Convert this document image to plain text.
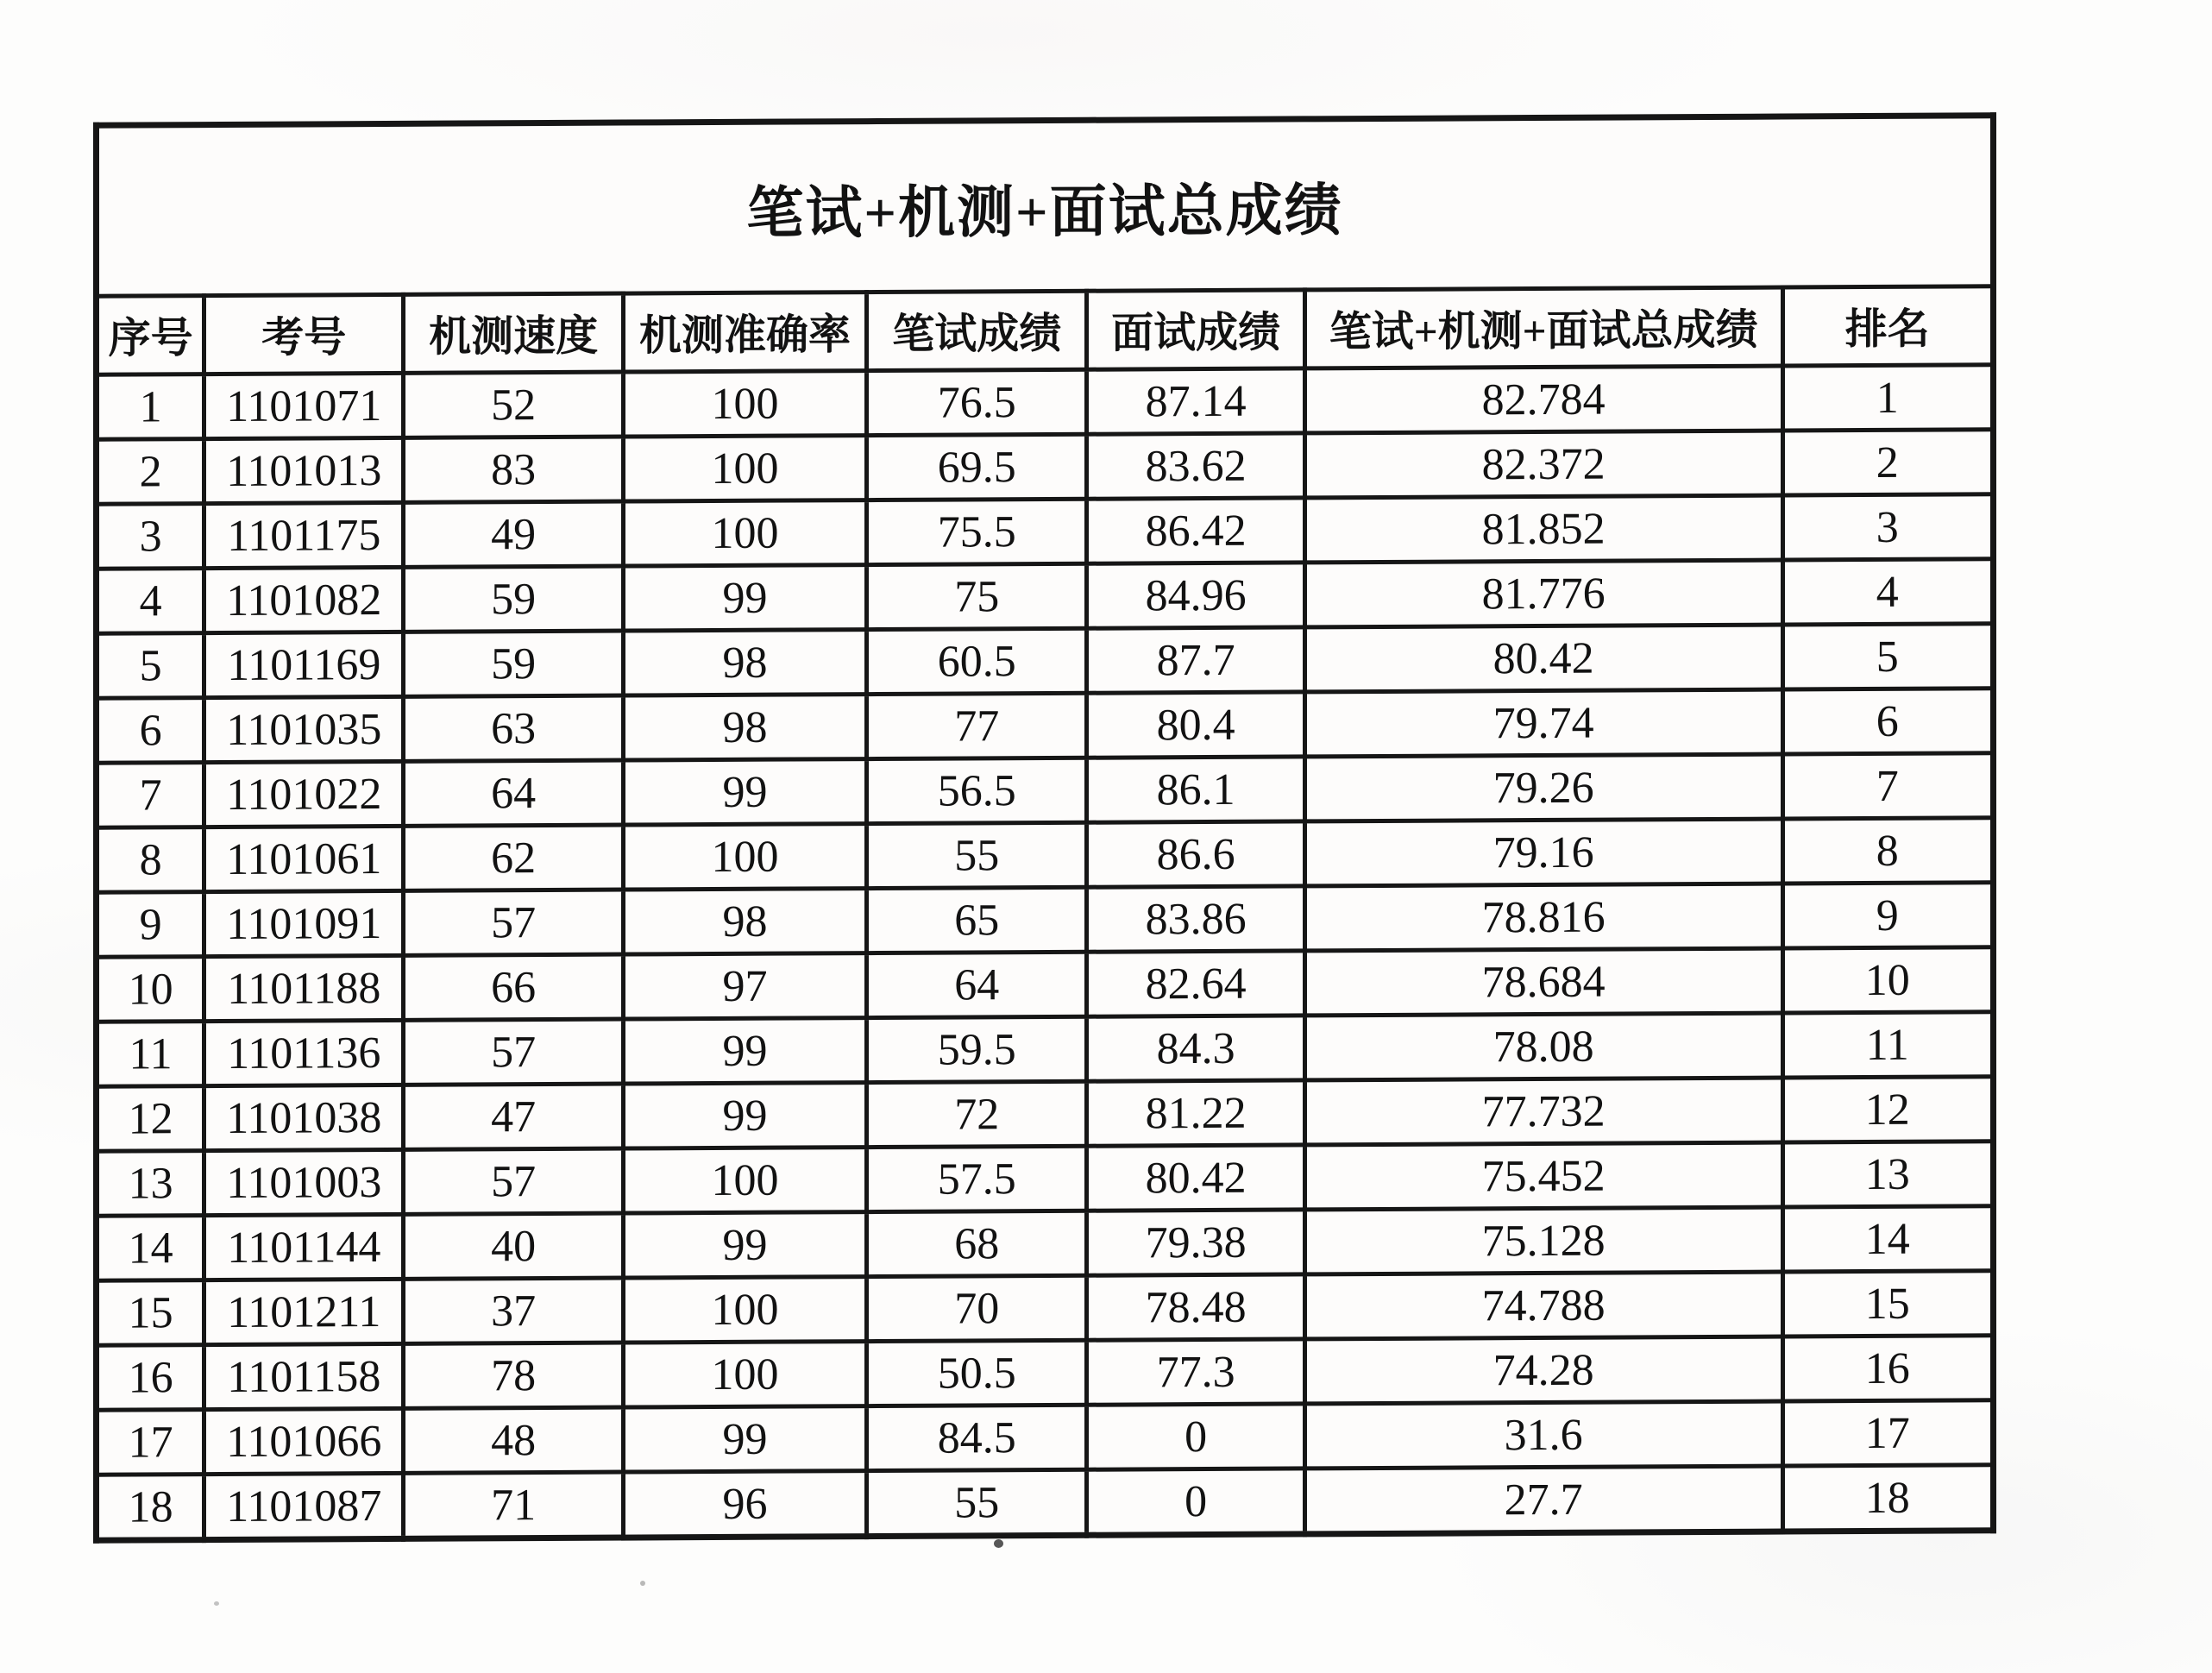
笔试+机测+面试总成绩							
序号	考号	机测速度	机测准确率	笔试成绩	面试成绩	笔试+机测+面试总成绩	排名
1	1101071	52	100	76.5	87.14	82.784	1
2	1101013	83	100	69.5	83.62	82.372	2
3	1101175	49	100	75.5	86.42	81.852	3
4	1101082	59	99	75	84.96	81.776	4
5	1101169	59	98	60.5	87.7	80.42	5
6	1101035	63	98	77	80.4	79.74	6
7	1101022	64	99	56.5	86.1	79.26	7
8	1101061	62	100	55	86.6	79.16	8
9	1101091	57	98	65	83.86	78.816	9
10	1101188	66	97	64	82.64	78.684	10
11	1101136	57	99	59.5	84.3	78.08	11
12	1101038	47	99	72	81.22	77.732	12
13	1101003	57	100	57.5	80.42	75.452	13
14	1101144	40	99	68	79.38	75.128	14
15	1101211	37	100	70	78.48	74.788	15
16	1101158	78	100	50.5	77.3	74.28	16
17	1101066	48	99	84.5	0	31.6	17
18	1101087	71	96	55	0	27.7	18
